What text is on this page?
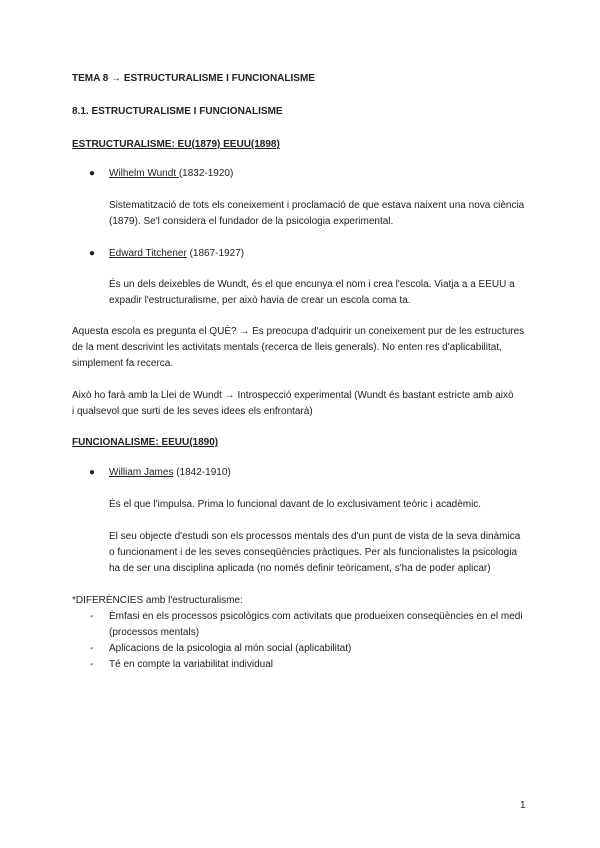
TEMA 8 → ESTRUCTURALISME I FUNCIONALISME
8.1. ESTRUCTURALISME I FUNCIONALISME
ESTRUCTURALISME: EU(1879) EEUU(1898)
● Wilhelm Wundt (1832-1920)
Sistematització de tots els coneixement i proclamació de que estava naixent una nova ciència
(1879). Se'l considera el fundador de la psicologia experimental.
● Edward Titchener (1867-1927)
És un dels deixebles de Wundt, és el que encunya el nom i crea l'escola. Viatja a a EEUU a
expadir l'estructuralisme, per això havia de crear un escola coma ta.
Aquesta escola es pregunta el QUÈ? → Es preocupa d'adquirir un coneixement pur de les estructures
de la ment descrivint les activitats mentals (recerca de lleis generals). No enten res d'aplicabilitat,
simplement fa recerca.
Això ho farà amb la Llei de Wundt → Introspecció experimental (Wundt és bastant estricte amb això
i qualsevol que surti de les seves idees els enfrontarà)
FUNCIONALISME: EEUU(1890)
● William James (1842-1910)
És el que l'impulsa. Prima lo funcional davant de lo exclusivament teòric i acadèmic.
El seu objecte d'estudi son els processos mentals des d'un punt de vista de la seva dinàmica
o funcionament i de les seves conseqüències pràctiques. Per als funcionalistes la psicologia
ha de ser una disciplina aplicada (no només definir teòricament, s'ha de poder aplicar)
*DIFERÈNCIES amb l'estructuralisme:
- Èmfasi en els processos psicològics com activitats que produeixen conseqüències en el medi
(processos mentals)
- Aplicacions de la psicologia al món social (aplicabilitat)
- Té en compte la variabilitat individual
1
